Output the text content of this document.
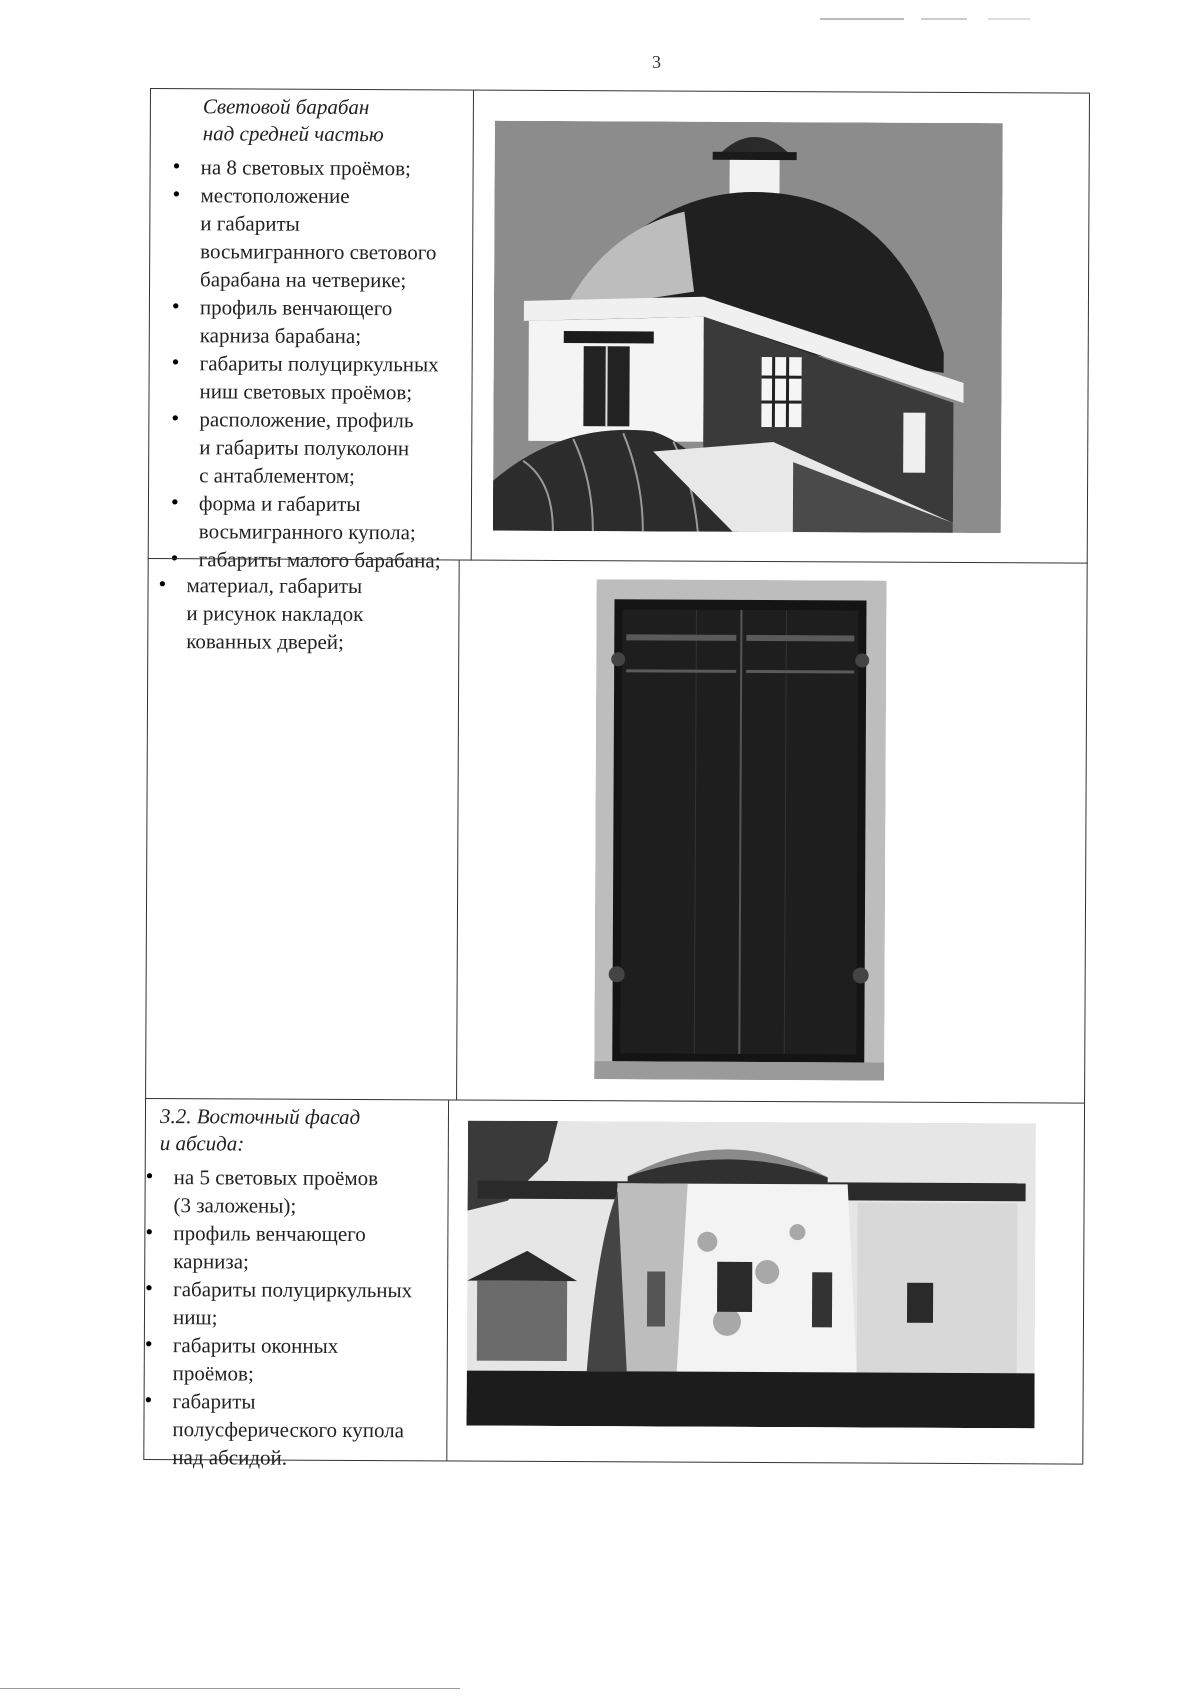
3
Световой барабан
над средней частью
• на 8 световых проёмов;
• местоположение
и габариты
восьмигранного светового
барабана на четверике;
• профиль венчающего
карниза барабана;
• габариты полуциркульных
ниш световых проёмов;
• расположение, профиль
и габариты полуколонн
с антаблементом;
• форма и габариты
восьмигранного купола;
• габариты малого барабана;
• материал, габариты
и рисунок накладок
кованных дверей;
3.2. Восточный фасад
и абсида:
• на 5 световых проёмов
(3 заложены);
• профиль венчающего
карниза;
• габариты полуциркульных
ниш;
• габариты оконных
проёмов;
• габариты
полусферического купола
над абсидой.
